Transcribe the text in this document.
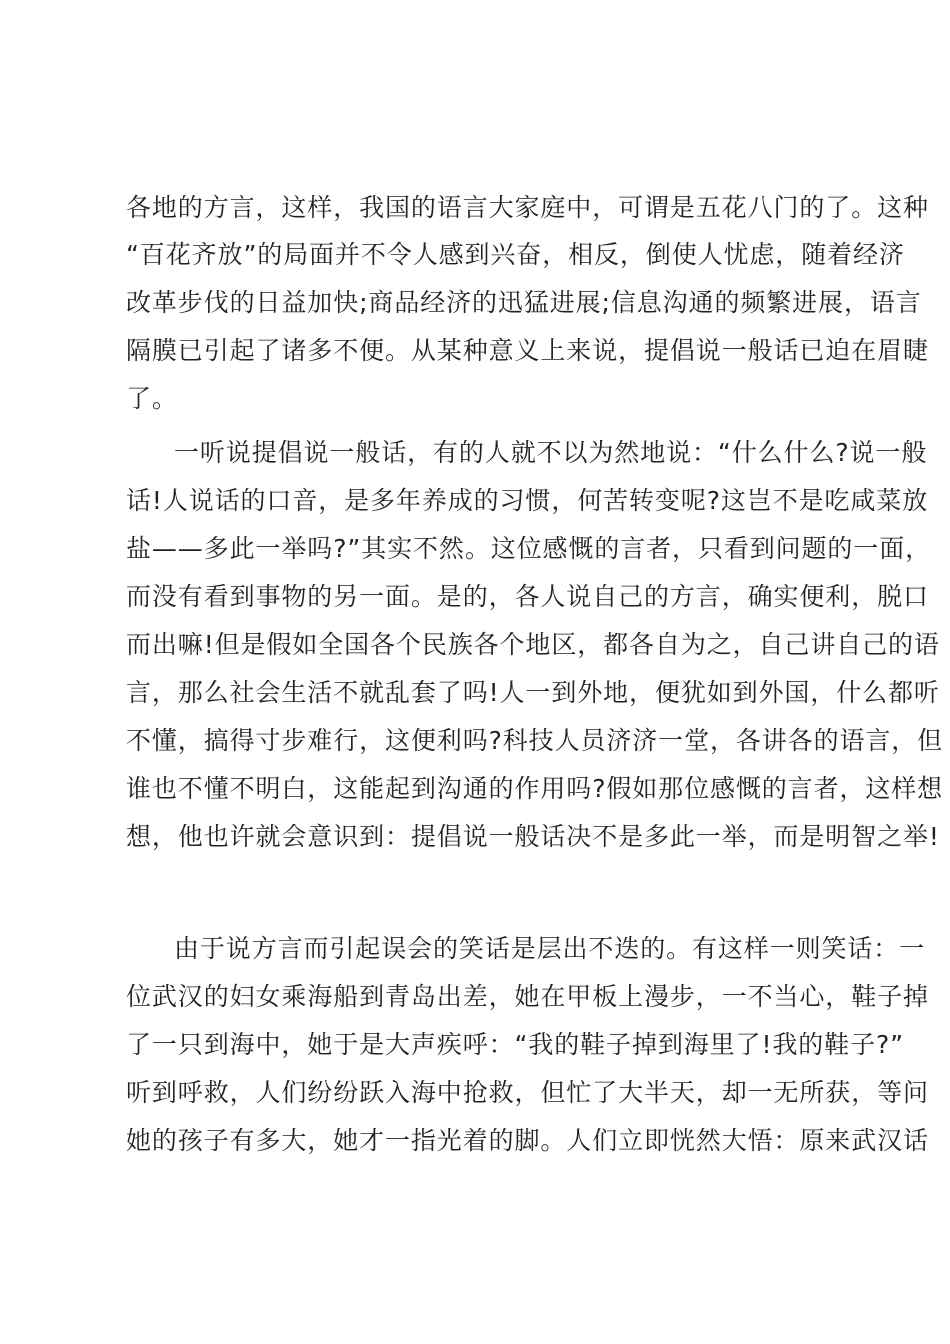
各地的方言，这样，我国的语言大家庭中，可谓是五花八门的了。这种
“百花齐放”的局面并不令人感到兴奋，相反，倒使人忧虑，随着经济
改革步伐的日益加快;商品经济的迅猛进展;信息沟通的频繁进展，语言
隔膜已引起了诸多不便。从某种意义上来说，提倡说一般话已迫在眉睫
了。
一听说提倡说一般话，有的人就不以为然地说：“什么什么?说一般
话!人说话的口音，是多年养成的习惯，何苦转变呢?这岂不是吃咸菜放
盐——多此一举吗?”其实不然。这位感慨的言者，只看到问题的一面，
而没有看到事物的另一面。是的，各人说自己的方言，确实便利，脱口
而出嘛!但是假如全国各个民族各个地区，都各自为之，自己讲自己的语
言，那么社会生活不就乱套了吗!人一到外地，便犹如到外国，什么都听
不懂，搞得寸步难行，这便利吗?科技人员济济一堂，各讲各的语言，但
谁也不懂不明白，这能起到沟通的作用吗?假如那位感慨的言者，这样想
想，他也许就会意识到：提倡说一般话决不是多此一举，而是明智之举!
由于说方言而引起误会的笑话是层出不迭的。有这样一则笑话：一
位武汉的妇女乘海船到青岛出差，她在甲板上漫步，一不当心，鞋子掉
了一只到海中，她于是大声疾呼：“我的鞋子掉到海里了!我的鞋子?”
听到呼救，人们纷纷跃入海中抢救，但忙了大半天，却一无所获，等问
她的孩子有多大，她才一指光着的脚。人们立即恍然大悟：原来武汉话
